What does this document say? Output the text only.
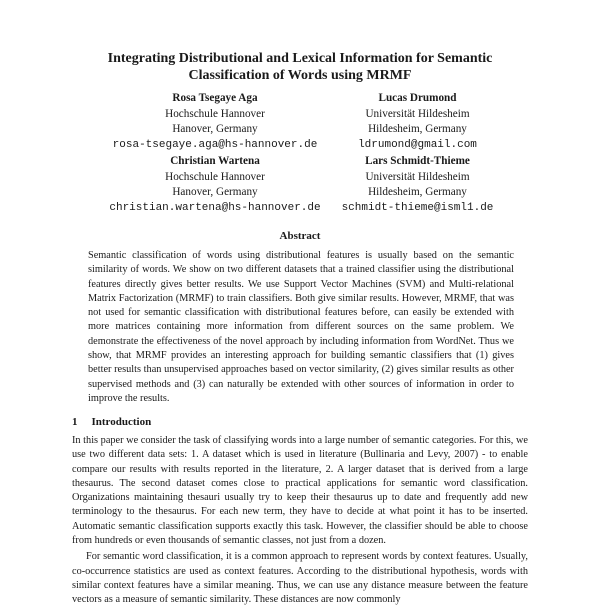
Integrating Distributional and Lexical Information for Semantic
Classification of Words using MRMF
Rosa Tsegaye Aga
Hochschule Hannover
Hanover, Germany
rosa-tsegaye.aga@hs-hannover.de
Lucas Drumond
Universität Hildesheim
Hildesheim, Germany
ldrumond@gmail.com
Christian Wartena
Hochschule Hannover
Hanover, Germany
christian.wartena@hs-hannover.de
Lars Schmidt-Thieme
Universität Hildesheim
Hildesheim, Germany
schmidt-thieme@isml1.de
Abstract

Semantic classification of words using distributional features is usually based on the semantic similarity of words. We show on two different datasets that a trained classifier using the distributional features directly gives better results. We use Support Vector Machines (SVM) and Multi-relational Matrix Factorization (MRMF) to train classifiers. Both give similar results. However, MRMF, that was not used for semantic classification with distributional features before, can easily be extended with more matrices containing more information from different sources on the same problem. We demonstrate the effectiveness of the novel approach by including information from WordNet. Thus we show, that MRMF provides an interesting approach for building semantic classifiers that (1) gives better results than unsupervised approaches based on vector similarity, (2) gives similar results as other supervised methods and (3) can naturally be extended with other sources of information in order to improve the results.

1 Introduction

In this paper we consider the task of classifying words into a large number of semantic categories. For this, we use two different data sets: 1. A dataset which is used in literature (Bullinaria and Levy, 2007) - to enable compare our results with results reported in the literature, 2. A larger dataset that is derived from a large thesaurus. The second dataset comes close to practical applications for semantic word classification. Organizations maintaining thesauri usually try to keep their thesaurus up to date and frequently add new terminology to the thesaurus. For each new term, they have to decide at what point it has to be inserted. Automatic semantic classification supports exactly this task. However, the classifier should be able to choose from hundreds or even thousands of semantic classes, not just from a dozen.

For semantic word classification, it is a common approach to represent words by context features. Usually, co-occurrence statistics are used as context features. According to the distributional hypothesis, words with similar context features have a similar meaning. Thus, we can use any distance measure between the feature vectors as a measure of semantic similarity. These distances are now commonly
